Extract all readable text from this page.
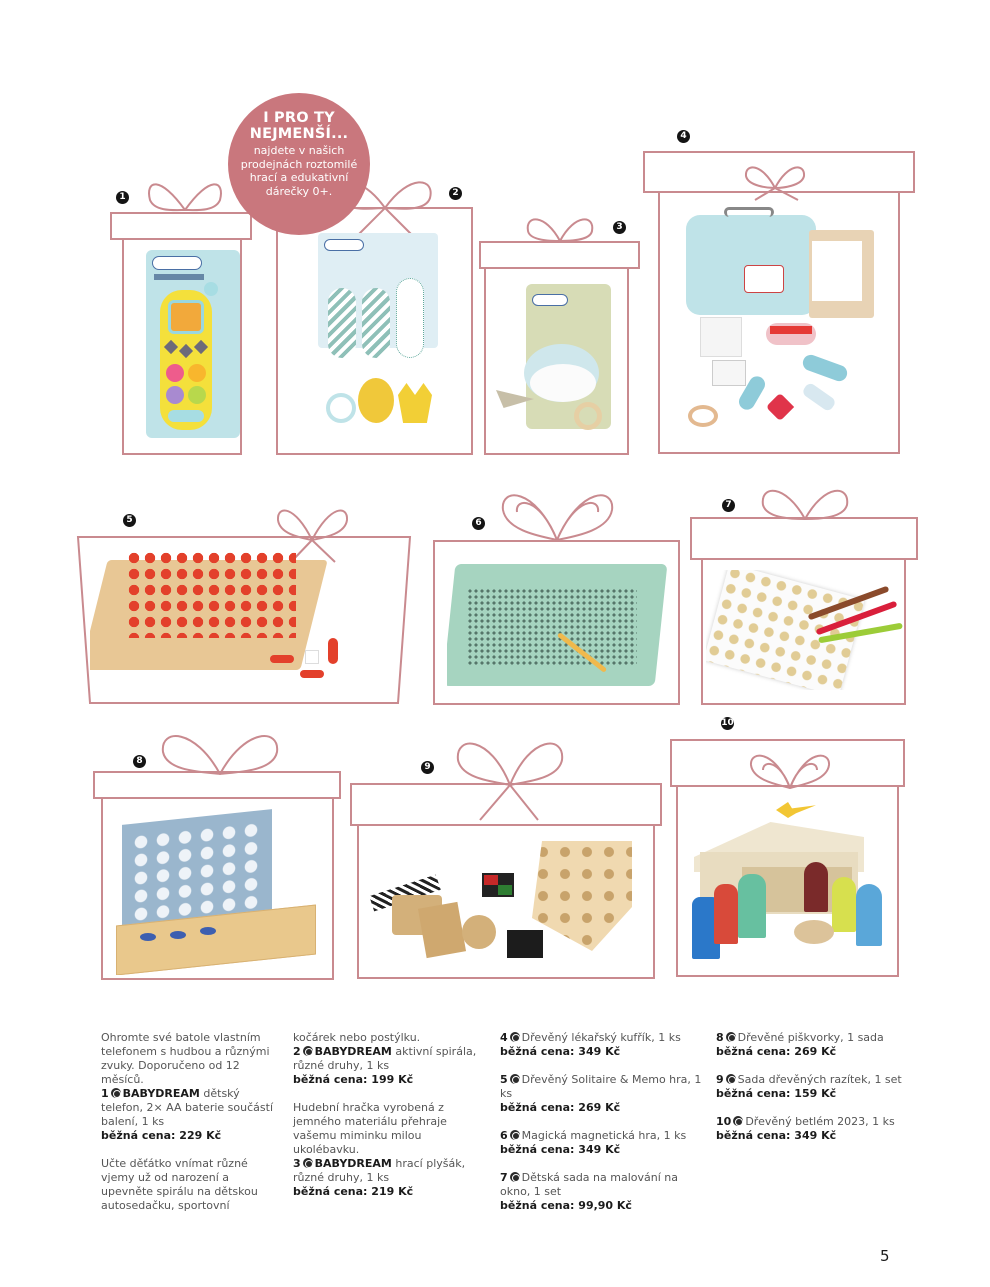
1	2
I PRO TY
NEJMENŠÍ...
najdete v našich
prodejnách roztomilé
hrací a edukativní
dárečky 0+.
3
4
5	6
7
8
9
10

Ohromte své batole vlastním telefonem s hudbou a různými zvuky. Doporučeno od 12 měsíců.
1 BABYDREAM dětský telefon, 2× AA baterie součástí balení, 1 ks
běžná cena: 229 Kč

Učte děťátko vnímat různé vjemy už od narození a upevněte spirálu na dětskou autosedačku, sportovní

kočárek nebo postýlku.
2 BABYDREAM aktivní spirála, různé druhy, 1 ks
běžná cena: 199 Kč

Hudební hračka vyrobená z jemného materiálu přehraje vašemu miminku milou ukolébavku.
3 BABYDREAM hrací plyšák, různé druhy, 1 ks
běžná cena: 219 Kč

4 Dřevěný lékařský kufřík, 1 ks
běžná cena: 349 Kč

5 Dřevěný Solitaire & Memo hra, 1 ks
běžná cena: 269 Kč

6 Magická magnetická hra, 1 ks
běžná cena: 349 Kč

7 Dětská sada na malování na okno, 1 set
běžná cena: 99,90 Kč

8 Dřevěné piškvorky, 1 sada
běžná cena: 269 Kč

9 Sada dřevěných razítek, 1 set
běžná cena: 159 Kč

10 Dřevěný betlém 2023, 1 ks
běžná cena: 349 Kč

5
